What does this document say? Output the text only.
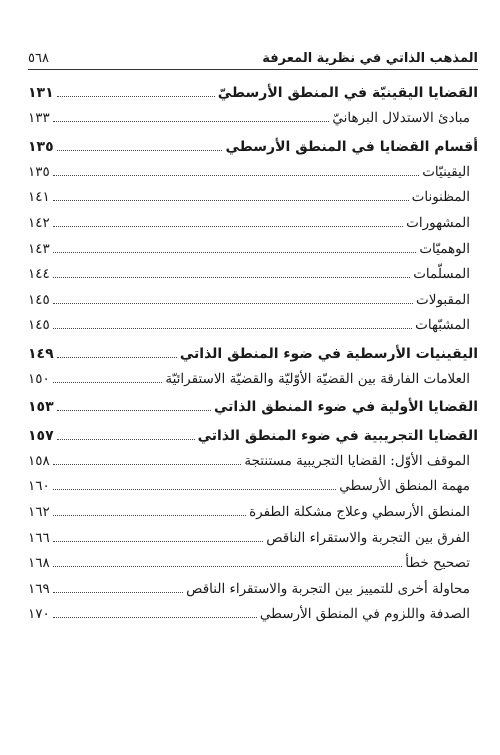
المذهب الذاتي في نظرية المعرفة
٥٦٨
القضايا اليقينيّة في المنطق الأرسطيّ
١٣١
مبادئ الاستدلال البرهانيّ
١٣٣
أقسام القضايا في المنطق الأرسطي
١٣٥
اليقينيّات
١٣٥
المظنونات
١٤١
المشهورات
١٤٢
الوهميّات
١٤٣
المسلّمات
١٤٤
المقبولات
١٤٥
المشبّهات
١٤٥
اليقينيات الأرسطية في ضوء المنطق الذاتي
١٤٩
العلامات الفارقة بين القضيّة الأوّليّة والقضيّة الاستقرائيّة
١٥٠
القضايا الأولية في ضوء المنطق الذاتي
١٥٣
القضايا التجريبية في ضوء المنطق الذاتي
١٥٧
الموقف الأوّل: القضايا التجريبية مستنتجة
١٥٨
مهمة المنطق الأرسطي
١٦٠
المنطق الأرسطي وعلاج مشكلة الطفرة
١٦٢
الفرق بين التجربة والاستقراء الناقص
١٦٦
تصحيح خطأ
١٦٨
محاولة أخرى للتمييز بين التجربة والاستقراء الناقص
١٦٩
الصدفة واللزوم في المنطق الأرسطي
١٧٠
